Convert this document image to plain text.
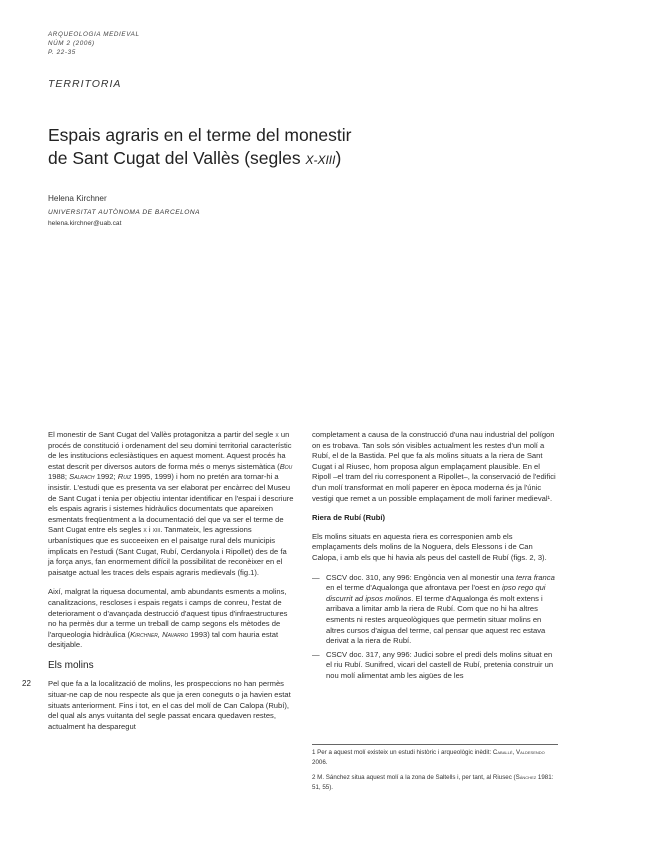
ARQUEOLOGIA MEDIEVAL
NÚM 2 (2006)
P. 22-35
TERRITORIA
Espais agraris en el terme del monestir
de Sant Cugat del Vallès (segles X-XIII)
Helena Kirchner
UNIVERSITAT AUTÒNOMA DE BARCELONA
helena.kirchner@uab.cat

El monestir de Sant Cugat del Vallès protagonitza a partir del segle x un procés de constitució i ordenament del seu domini territorial característic de les institucions eclesiàstiques en aquest moment. Aquest procés ha estat descrit per diversos autors de forma més o menys sistemàtica (Bou 1988; Salrach 1992; Ruiz 1995, 1999) i hom no pretén ara tornar-hi a insistir. L'estudi que es presenta va ser elaborat per encàrrec del Museu de Sant Cugat i tenia per objectiu intentar identificar en l'espai i descriure els espais agraris i sistemes hidràulics documentats que apareixen esmentats freqüentment a la documentació del que va ser el terme de Sant Cugat entre els segles x i xiii. Tanmateix, les agressions urbanístiques que es succeeixen en el paisatge rural dels municipis implicats en l'estudi (Sant Cugat, Rubí, Cerdanyola i Ripollet) des de fa ja força anys, fan enormement difícil la possibilitat de reconèixer en el paisatge actual les traces dels espais agraris medievals (fig.1).

Així, malgrat la riquesa documental, amb abundants esments a molins, canalitzacions, rescloses i espais regats i camps de conreu, l'estat de deteriorament o d'avançada destrucció d'aquest tipus d'infraestructures no ha permès dur a terme un treball de camp segons els mètodes de l'arqueologia hidràulica (Kirchner, Navarro 1993) tal com hauria estat desitjable.

Els molins

Pel que fa a la localització de molins, les prospeccions no han permès situar-ne cap de nou respecte als que ja eren coneguts o ja havien estat situats anteriorment. Fins i tot, en el cas del molí de Can Calopa (Rubí), del qual als anys vuitanta del segle passat encara quedaven restes, actualment ha desparegut

completament a causa de la construcció d'una nau industrial del polígon on es trobava. Tan sols són visibles actualment les restes d'un molí a Rubí, el de la Bastida. Pel que fa als molins situats a la riera de Sant Cugat i al Riusec, hom proposa algun emplaçament plausible. En el Ripoll –el tram del riu corresponent a Ripollet–, la conservació de l'edifici d'un molí transformat en molí paperer en època moderna és ja l'únic vestigi que remet a un possible emplaçament de molí fariner medieval¹.

Riera de Rubí (Rubí)

Els molins situats en aquesta riera es corresponien amb els emplaçaments dels molins de la Noguera, dels Elessons i de Can Calopa, i amb els que hi havia als peus del castell de Rubí (figs. 2, 3).

— CSCV doc. 310, any 996: Engòncia ven al monestir una terra franca en el terme d'Aqualonga que afrontava per l'oest en ipso rego qui discurrit ad ipsos molinos. El terme d'Aqualonga és molt extens i arribava a limitar amb la riera de Rubí. Com que no hi ha altres esments ni restes arqueològiques que permetin situar molins en altres cursos d'aigua del terme, cal pensar que aquest rec estava derivat a la riera de Rubí.
— CSCV doc. 317, any 996: Judici sobre el predi dels molins situat en el riu Rubí. Sunifred, vicari del castell de Rubí, pretenia construir un nou molí alimentat amb les aigües de les
22
1 Per a aquest molí existeix un estudi històric i arqueològic inèdit: Caballé, Valdesendo 2006.
2 M. Sánchez situa aquest molí a la zona de Saltells i, per tant, al Riusec (Sánchez 1981: 51, 55).
